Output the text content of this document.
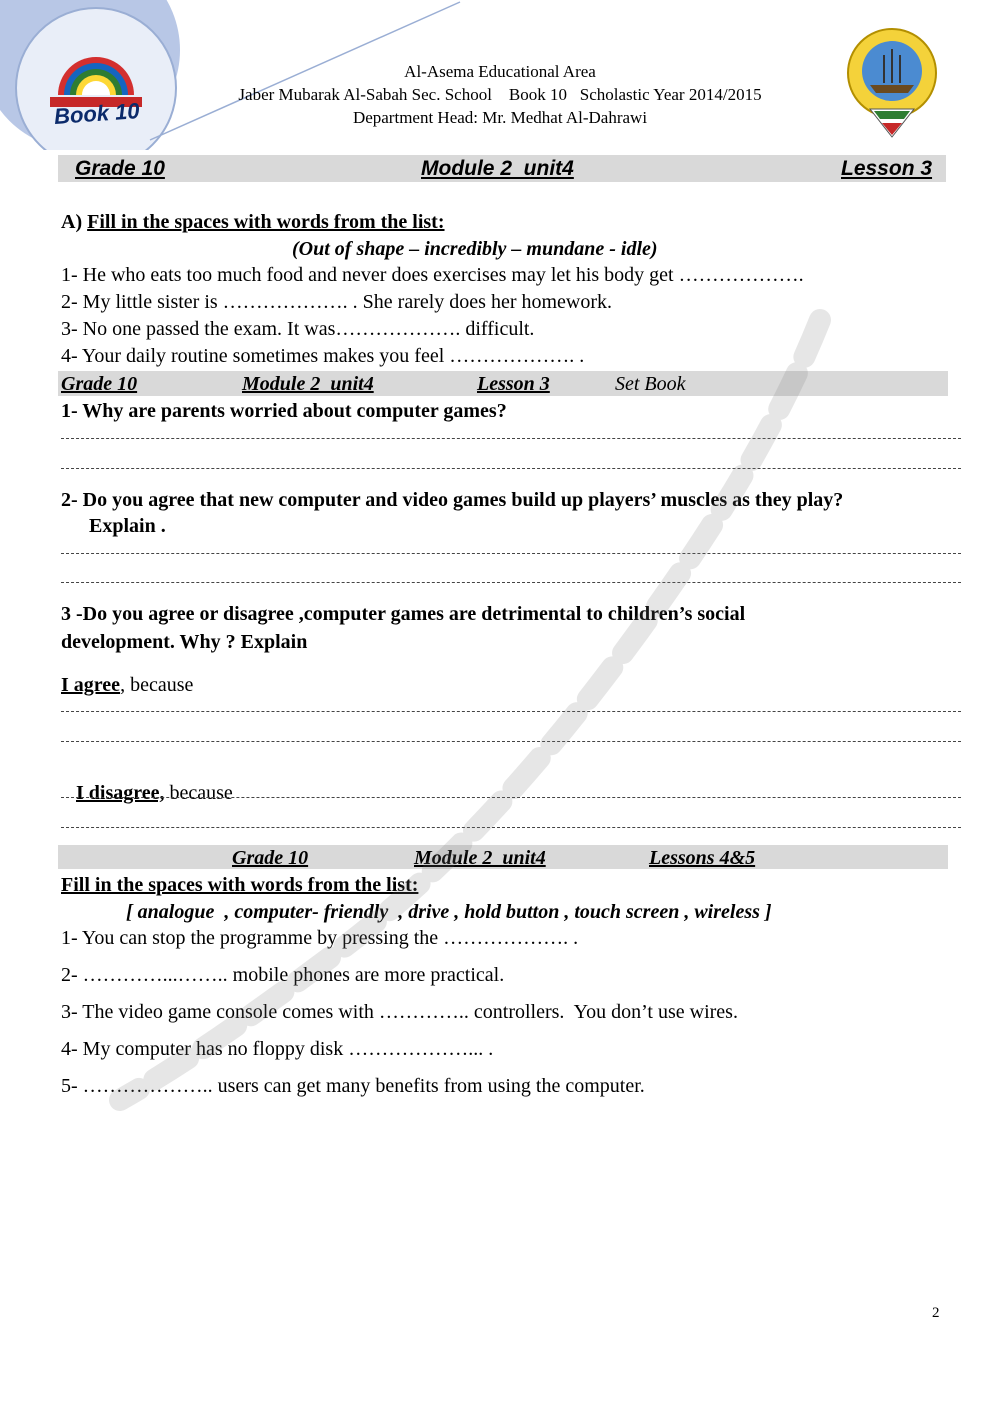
Book 10
Al-Asema Educational Area
Jaber Mubarak Al-Sabah Sec. School    Book 10   Scholastic Year 2014/2015
Department Head: Mr. Medhat Al-Dahrawi
Grade 10	Module 2  unit4	Lesson 3
A) Fill in the spaces with words from the list:
(Out of shape – incredibly – mundane - idle)
1- He who eats too much food and never does exercises may let his body get ……………….
2- My little sister is ………………. . She rarely does her homework.
3- No one passed the exam. It was………………. difficult.
4- Your daily routine sometimes makes you feel ………………. .
Grade 10	Module 2  unit4	Lesson 3	Set Book
1- Why are parents worried about computer games?
2- Do you agree that new computer and video games build up players’ muscles as they play?
Explain .
3 -Do you agree or disagree ,computer games are detrimental to children’s social
development. Why ? Explain
I agree, because

I disagree, because

Grade 10	Module 2  unit4	Lessons 4&5
Fill in the spaces with words from the list:
[ analogue  , computer- friendly  , drive , hold button , touch screen , wireless ]
1- You can stop the programme by pressing the ………………. .
2- …………...…….. mobile phones are more practical.
3- The video game console comes with ………….. controllers.  You don’t use wires.
4- My computer has no floppy disk ………………... .
5- ……………….. users can get many benefits from using the computer.
2
